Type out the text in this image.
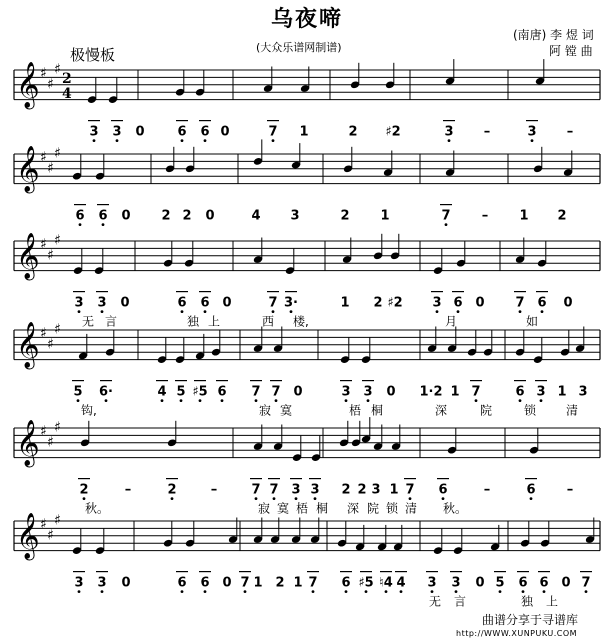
乌夜啼
(大众乐谱网制谱)
极慢板
(南唐) 李 煜 词
阿 镗 曲
𝄞 ♯
♯
♯
2
4
3 3 0	6 6 0	7 1	2 ♯2	3 –	3 –
𝄞 ♯
♯
♯
6 6 0 2 2 0	4 3	2 1	7 – 1 2
𝄞 ♯
♯
♯
3 3 0	6 6 0	7 3·	1 2 ♯2 3 6 0 7 6 0
无 言	独 上	西 楼,	月	如
𝄞 ♯
♯
♯
5 6·	4 5 ♯5 6 7 7 0	3 3 0 1·2 1 7	6 3 1 3
钩,	寂 寞	梧 桐	深	院	锁 清
𝄞 ♯
♯
♯
2	–	2	–	7 7 3 3 2 2 3 1 7 6	–	6 –
秋。	寂 寞 梧 桐 深 院 锁 清 秋。
𝄞 ♯
♯
♯
3 3 0	6 6 0 7 1 2 1 7 6 ♯5 ♮4 4 3 3 0 5 6 6 0 7
无 言	独 上
曲谱分享于寻谱库
http://WWW.XUNPUKU.COM
